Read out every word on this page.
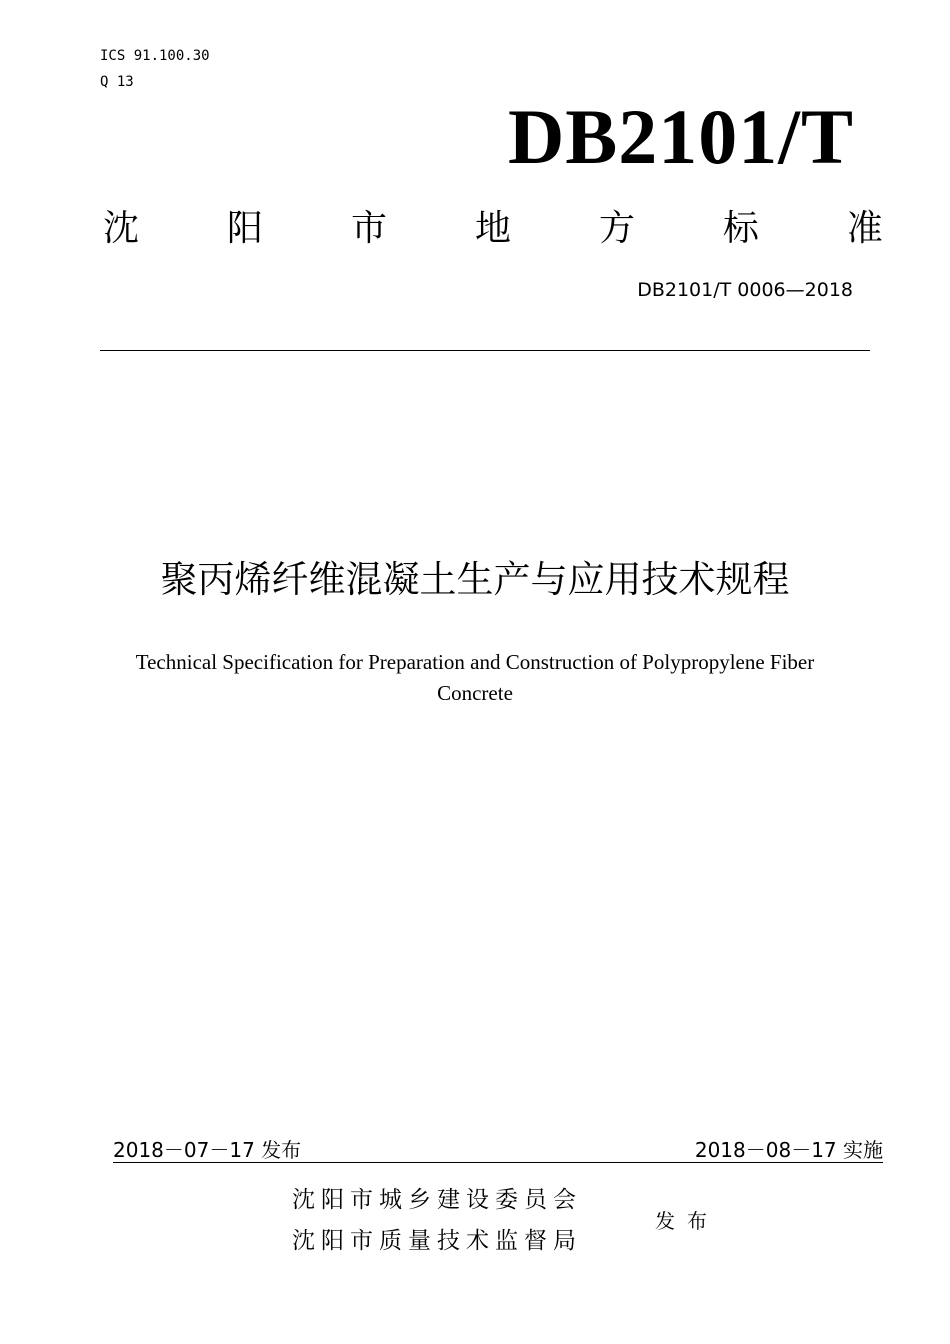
ICS 91.100.30
Q 13
DB2101/T
沈 阳 市 地 方 标 准
DB2101/T 0006—2018
聚丙烯纤维混凝土生产与应用技术规程
Technical Specification for Preparation and Construction of Polypropylene Fiber Concrete
2018－07－17 发布	2018－08－17 实施
沈阳市城乡建设委员会
沈阳市质量技术监督局
发布
